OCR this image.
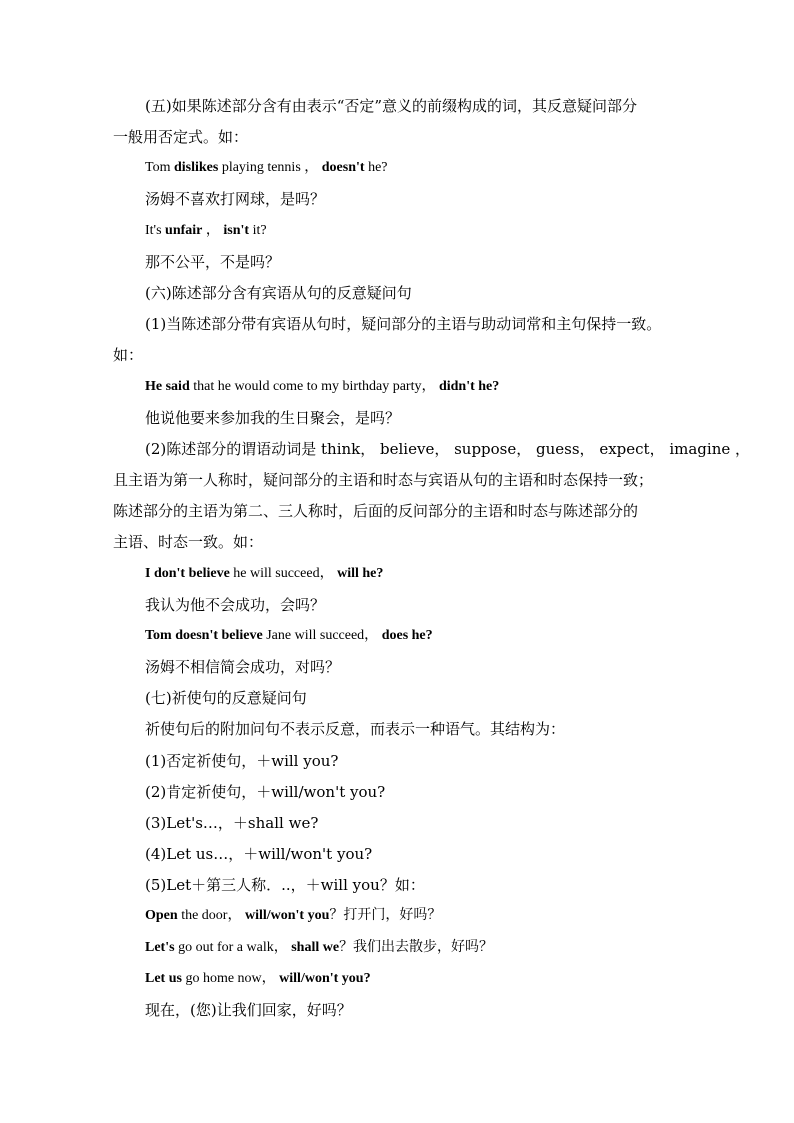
(五)如果陈述部分含有由表示“否定”意义的前缀构成的词，其反意疑问部分
一般用否定式。如：
Tom dislikes playing tennis ， doesn't he?
汤姆不喜欢打网球，是吗？
It's unfair ， isn't it?
那不公平，不是吗？
(六)陈述部分含有宾语从句的反意疑问句
(1)当陈述部分带有宾语从句时，疑问部分的主语与助动词常和主句保持一致。
如：
He said that he would come to my birthday party， didn't he?
他说他要来参加我的生日聚会，是吗？
(2)陈述部分的谓语动词是 think， believe， suppose， guess， expect， imagine ，
且主语为第一人称时，疑问部分的主语和时态与宾语从句的主语和时态保持一致；
陈述部分的主语为第二、三人称时，后面的反问部分的主语和时态与陈述部分的
主语、时态一致。如：
I don't believe he will succeed， will he?
我认为他不会成功，会吗？
Tom doesn't believe Jane will succeed， does he?
汤姆不相信简会成功，对吗？
(七)祈使句的反意疑问句
祈使句后的附加问句不表示反意，而表示一种语气。其结构为：
(1)否定祈使句，＋will you?
(2)肯定祈使句，＋will/won't you?
(3)Let's…，＋shall we?
(4)Let us…，＋will/won't you?
(5)Let＋第三人称．..，＋will you？如：
Open the door， will/won't you？打开门，好吗？
Let's go out for a walk， shall we？我们出去散步，好吗？
Let us go home now， will/won't you?
现在，(您)让我们回家，好吗？
